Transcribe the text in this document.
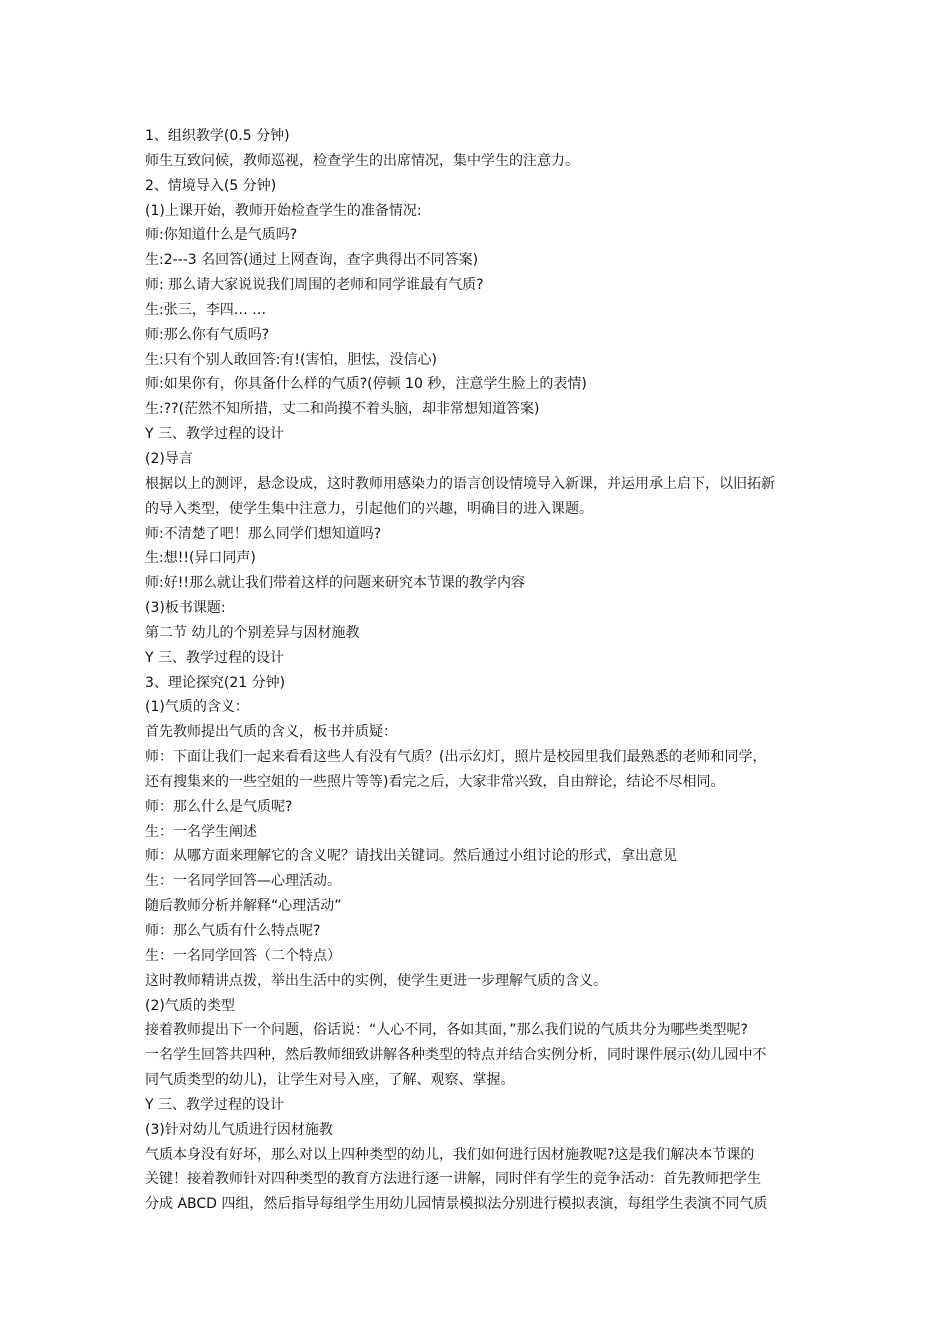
1、组织教学(0.5 分钟)
师生互致问候，教师巡视，检查学生的出席情况，集中学生的注意力。
2、情境导入(5 分钟)
(1)上课开始，教师开始检查学生的准备情况:
师:你知道什么是气质吗?
生:2---3 名回答(通过上网查询，查字典得出不同答案)
师: 那么请大家说说我们周围的老师和同学谁最有气质?
生:张三，李四… …
师:那么你有气质吗?
生:只有个别人敢回答:有!(害怕，胆怯，没信心)
师:如果你有，你具备什么样的气质?(停顿 10 秒，注意学生脸上的表情)
生:??(茫然不知所措，丈二和尚摸不着头脑，却非常想知道答案)
Y 三、教学过程的设计
(2)导言
根据以上的测评，悬念设成，这时教师用感染力的语言创设情境导入新课，并运用承上启下，以旧拓新
的导入类型，使学生集中注意力，引起他们的兴趣，明确目的进入课题。
师:不清楚了吧！那么同学们想知道吗?
生:想!!(异口同声)
师:好!!那么就让我们带着这样的问题来研究本节课的教学内容
(3)板书课题:
第二节 幼儿的个别差异与因材施教
Y 三、教学过程的设计
3、理论探究(21 分钟)
(1)气质的含义：
首先教师提出气质的含义，板书并质疑：
师：下面让我们一起来看看这些人有没有气质？(出示幻灯，照片是校园里我们最熟悉的老师和同学，
还有搜集来的一些空姐的一些照片等等)看完之后，大家非常兴致，自由辩论，结论不尽相同。
师：那么什么是气质呢?
生：一名学生阐述
师：从哪方面来理解它的含义呢？请找出关键词。然后通过小组讨论的形式，拿出意见
生：一名同学回答—心理活动。
随后教师分析并解释“心理活动”
师：那么气质有什么特点呢?
生：一名同学回答（二个特点）
这时教师精讲点拨，举出生活中的实例，使学生更进一步理解气质的含义。
(2)气质的类型
接着教师提出下一个问题，俗话说：“人心不同，各如其面，”那么我们说的气质共分为哪些类型呢?
一名学生回答共四种，然后教师细致讲解各种类型的特点并结合实例分析，同时课件展示(幼儿园中不
同气质类型的幼儿)，让学生对号入座，了解、观察、掌握。
Y 三、教学过程的设计
(3)针对幼儿气质进行因材施教
气质本身没有好坏，那么对以上四种类型的幼儿，我们如何进行因材施教呢?这是我们解决本节课的
关键！接着教师针对四种类型的教育方法进行逐一讲解，同时伴有学生的竞争活动：首先教师把学生
分成 ABCD 四组，然后指导每组学生用幼儿园情景模拟法分别进行模拟表演，每组学生表演不同气质
